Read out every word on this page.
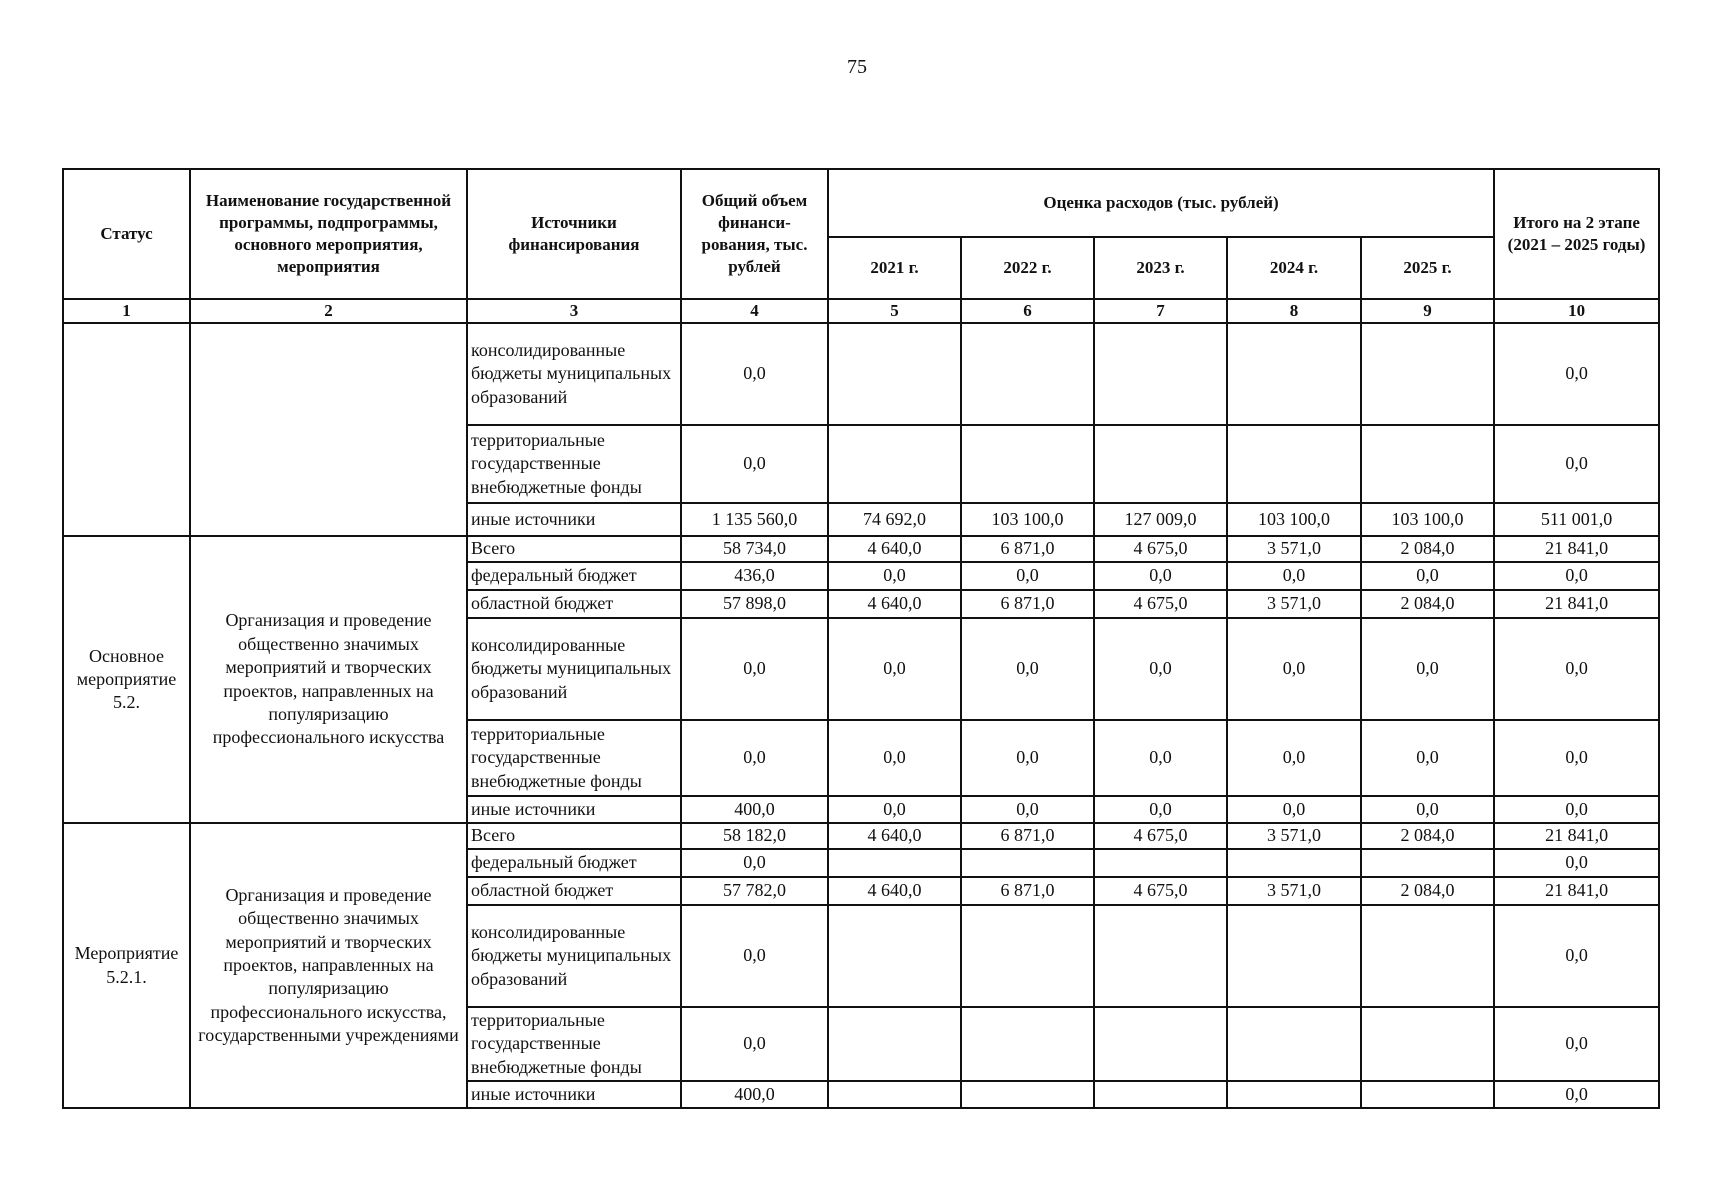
75
Статус	Наименование государственной программы, подпрограммы, основного мероприятия, мероприятия	Источники финансирования	Общий объем финанси-рования, тыс. рублей	Оценка расходов (тыс. рублей)					Итого на 2 этапе (2021 – 2025 годы)
				2021 г.	2022 г.	2023 г.	2024 г.	2025 г.	
1	2	3	4	5	6	7	8	9	10
		консолидированные бюджеты муниципальных образований	0,0						0,0
		территориальные государственные внебюджетные фонды	0,0						0,0
		иные источники	1 135 560,0	74 692,0	103 100,0	127 009,0	103 100,0	103 100,0	511 001,0
Основное мероприятие 5.2.	Организация и проведение общественно значимых мероприятий и творческих проектов, направленных на популяризацию профессионального искусства	Всего	58 734,0	4 640,0	6 871,0	4 675,0	3 571,0	2 084,0	21 841,0
		федеральный бюджет	436,0	0,0	0,0	0,0	0,0	0,0	0,0
		областной бюджет	57 898,0	4 640,0	6 871,0	4 675,0	3 571,0	2 084,0	21 841,0
		консолидированные бюджеты муниципальных образований	0,0	0,0	0,0	0,0	0,0	0,0	0,0
		территориальные государственные внебюджетные фонды	0,0	0,0	0,0	0,0	0,0	0,0	0,0
		иные источники	400,0	0,0	0,0	0,0	0,0	0,0	0,0
Мероприятие 5.2.1.	Организация и проведение общественно значимых мероприятий и творческих проектов, направленных на популяризацию профессионального искусства, государственными учреждениями	Всего	58 182,0	4 640,0	6 871,0	4 675,0	3 571,0	2 084,0	21 841,0
		федеральный бюджет	0,0						0,0
		областной бюджет	57 782,0	4 640,0	6 871,0	4 675,0	3 571,0	2 084,0	21 841,0
		консолидированные бюджеты муниципальных образований	0,0						0,0
		территориальные государственные внебюджетные фонды	0,0						0,0
		иные источники	400,0						0,0
